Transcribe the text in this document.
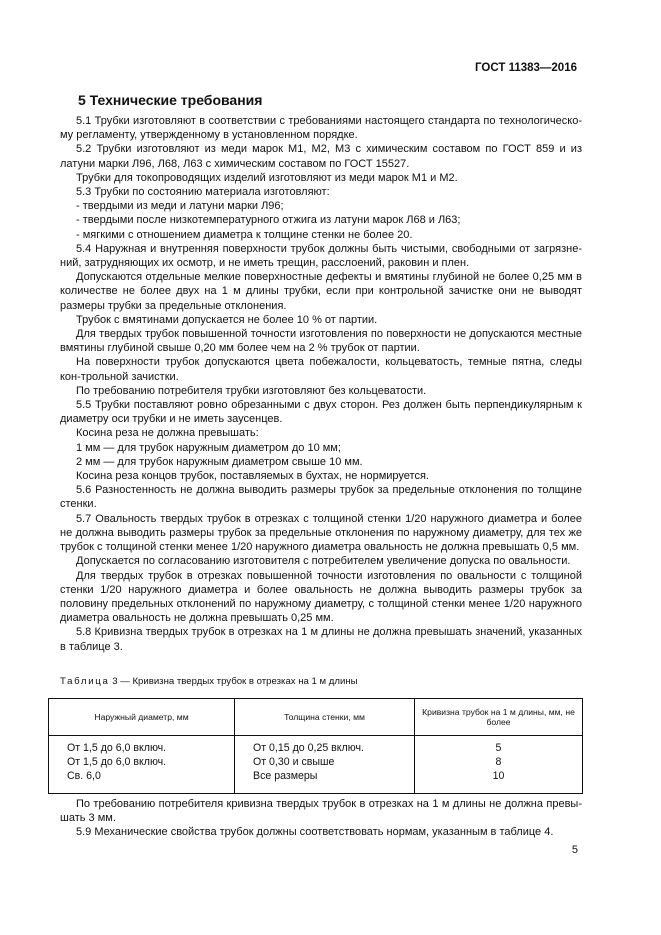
ГОСТ 11383—2016
5 Технические требования

5.1 Трубки изготовляют в соответствии с требованиями настоящего стандарта по технологическо-му регламенту, утвержденному в установленном порядке.

5.2 Трубки изготовляют из меди марок М1, М2, М3 с химическим составом по ГОСТ 859 и из латуни марки Л96, Л68, Л63 с химическим составом по ГОСТ 15527.

Трубки для токопроводящих изделий изготовляют из меди марок М1 и М2.

5.3 Трубки по состоянию материала изготовляют:

- твердыми из меди и латуни марки Л96;

- твердыми после низкотемпературного отжига из латуни марок Л68 и Л63;

- мягкими с отношением диаметра к толщине стенки не более 20.

5.4 Наружная и внутренняя поверхности трубок должны быть чистыми, свободными от загрязне-ний, затрудняющих их осмотр, и не иметь трещин, расслоений, раковин и плен.

Допускаются отдельные мелкие поверхностные дефекты и вмятины глубиной не более 0,25 мм в количестве не более двух на 1 м длины трубки, если при контрольной зачистке они не выводят размеры трубки за предельные отклонения.

Трубок с вмятинами допускается не более 10 % от партии.

Для твердых трубок повышенной точности изготовления по поверхности не допускаются местные вмятины глубиной свыше 0,20 мм более чем на 2 % трубок от партии.

На поверхности трубок допускаются цвета побежалости, кольцеватость, темные пятна, следы кон-трольной зачистки.

По требованию потребителя трубки изготовляют без кольцеватости.

5.5 Трубки поставляют ровно обрезанными с двух сторон. Рез должен быть перпендикулярным к диаметру оси трубки и не иметь заусенцев.

Косина реза не должна превышать:

1 мм — для трубок наружным диаметром до 10 мм;

2 мм — для трубок наружным диаметром свыше 10 мм.

Косина реза концов трубок, поставляемых в бухтах, не нормируется.

5.6 Разностенность не должна выводить размеры трубок за предельные отклонения по толщине стенки.

5.7 Овальность твердых трубок в отрезках с толщиной стенки 1/20 наружного диаметра и более не должна выводить размеры трубок за предельные отклонения по наружному диаметру, для тех же трубок с толщиной стенки менее 1/20 наружного диаметра овальность не должна превышать 0,5 мм.

Допускается по согласованию изготовителя с потребителем увеличение допуска по овальности.

Для твердых трубок в отрезках повышенной точности изготовления по овальности с толщиной стенки 1/20 наружного диаметра и более овальность не должна выводить размеры трубок за половину предельных отклонений по наружному диаметру, с толщиной стенки менее 1/20 наружного диаметра овальность не должна превышать 0,25 мм.

5.8 Кривизна твердых трубок в отрезках на 1 м длины не должна превышать значений, указанных в таблице 3.

Таблица 3 — Кривизна твердых трубок в отрезках на 1 м длины
Наружный диаметр, мм	Толщина стенки, мм	Кривизна трубок на 1 м длины, мм, не более
От 1,5 до 6,0 включ.	От 0,15 до 0,25 включ.	5
От 1,5 до 6,0 включ.	От 0,30 и свыше	8
Св. 6,0	Все размеры	10

По требованию потребителя кривизна твердых трубок в отрезках на 1 м длины не должна превы-шать 3 мм.

5.9 Механические свойства трубок должны соответствовать нормам, указанным в таблице 4.

5
